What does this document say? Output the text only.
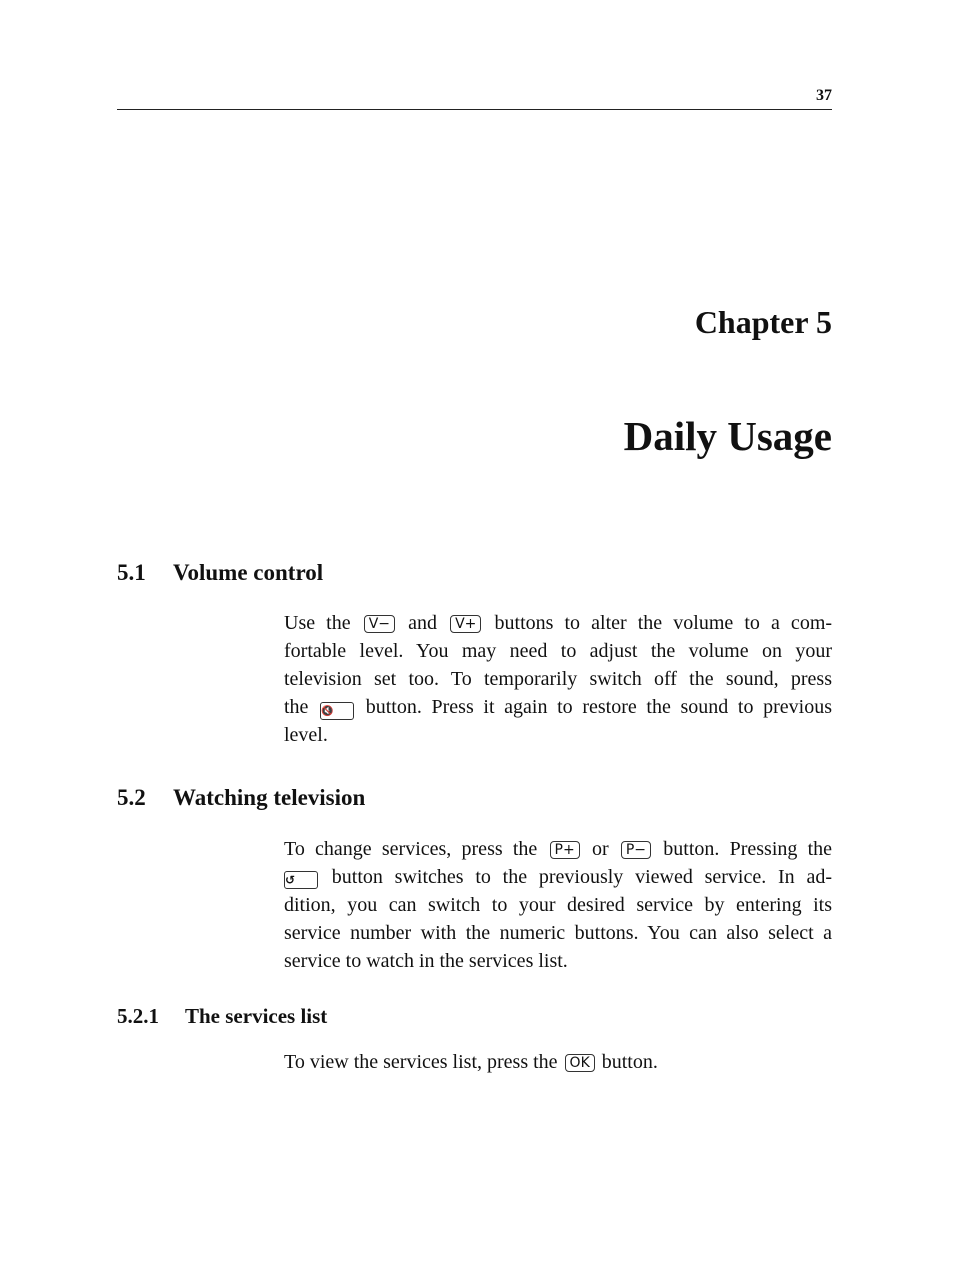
37
Chapter 5
Daily Usage
5.1 Volume control
Use the V− and V+ buttons to alter the volume to a com-
fortable level. You may need to adjust the volume on your
television set too. To temporarily switch off the sound, press
the 🔇 button. Press it again to restore the sound to previous
level.
5.2 Watching television
To change services, press the P+ or P− button. Pressing the
↺ button switches to the previously viewed service. In ad-
dition, you can switch to your desired service by entering its
service number with the numeric buttons. You can also select a
service to watch in the services list.
5.2.1 The services list
To view the services list, press the OK button.
